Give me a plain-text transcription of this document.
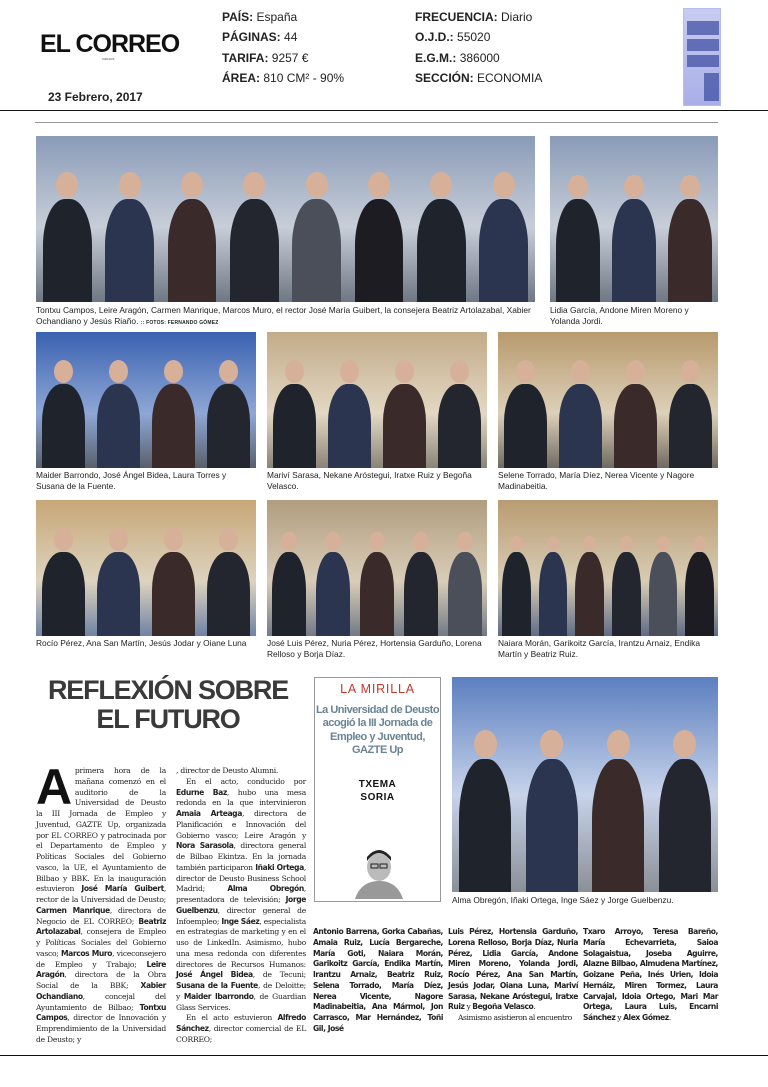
EL CORREO
VIZCAYA
23 Febrero, 2017
PAÍS: España
PÁGINAS: 44
TARIFA: 9257 €
ÁREA: 810 CM² - 90%
FRECUENCIA: Diario
O.J.D.: 55020
E.G.M.: 386000
SECCIÓN: ECONOMIA
Tontxu Campos, Leire Aragón, Carmen Manrique, Marcos Muro, el rector José María Guibert, la consejera Beatriz Artolazabal, Xabier Ochandiano y Jesús Riaño. :: FOTOS: FERNANDO GÓMEZ
Lidia García, Andone Miren Moreno y Yolanda Jordi.
Maider Barrondo, José Ángel Bidea, Laura Torres y Susana de la Fuente.
Mariví Sarasa, Nekane Aróstegui, Iratxe Ruiz y Begoña Velasco.
Selene Torrado, María Díez, Nerea Vicente y Nagore Madinabeitia.
Rocío Pérez, Ana San Martín, Jesús Jodar y Oiane Luna	José Luis Pérez, Nuria Pérez, Hortensia Garduño, Lorena Relloso y Borja Díaz.
Naiara Morán, Garikoitz García, Irantzu Arnaiz, Endika Martín y Beatriz Ruiz.
Alma Obregón, Iñaki Ortega, Inge Sáez y Jorge Guelbenzu.
REFLEXIÓN SOBRE
EL FUTURO
A primera hora de la mañana comenzó en el auditorio de la Universidad de Deusto la III Jornada de Empleo y Juventud, GAZTE Up, organizada por EL CORREO y patrocinada por el Departamento de Empleo y Políticas Sociales del Gobierno vasco, la UE, el Ayuntamiento de Bilbao y BBK. En la inauguración estuvieron José María Guibert, rector de la Universidad de Deusto; Carmen Manrique, directora de Negocio de EL CORREO; Beatriz Artolazabal, consejera de Empleo y Políticas Sociales del Gobierno vasco; Marcos Muro, viceconsejero de Empleo y Trabajo; Leire Aragón, directora de la Obra Social de la BBK; Xabier Ochandiano, concejal del Ayuntamiento de Bilbao; Tontxu Campos, director de Innovación y Emprendimiento de la Universidad de Deusto; y
, director de Deusto Alumni.
En el acto, conducido por Edurne Baz, hubo una mesa redonda en la que intervinieron Amaia Arteaga, directora de Planificación e Innovación del Gobierno vasco; Leire Aragón y Nora Sarasola, directora general de Bilbao Ekintza. En la jornada también participaron Iñaki Ortega, director de Deusto Business School Madrid; Alma Obregón, presentadora de televisión; Jorge Guelbenzu, director general de Infoempleo; Inge Sáez, especialista en estrategias de marketing y en el uso de LinkedIn. Asimismo, hubo una mesa redonda con diferentes directores de Recursos Humanos: José Ángel Bidea, de Tecuni; Susana de la Fuente, de Deloitte; y Maider Ibarrondo, de Guardian Glass Services.
En el acto estuvieron Alfredo Sánchez, director comercial de EL CORREO;
Antonio Barrena, Gorka Cabañas, Amaia Ruiz, Lucía Bergareche, María Goti, Naiara Morán, Garikoitz García, Endika Martín, Irantzu Arnaiz, Beatriz Ruiz, Selena Torrado, María Díez, Nerea Vicente, Nagore Madinabeitia, Ana Mármol, Jon Carrasco, Mar Hernández, Toñi Gil, José
Luis Pérez, Hortensia Garduño, Lorena Relloso, Borja Díaz, Nuria Pérez, Lidia García, Andone Miren Moreno, Yolanda Jordi, Rocío Pérez, Ana San Martín, Jesús Jodar, Oiana Luna, Mariví Sarasa, Nekane Aróstegui, Iratxe Ruiz y Begoña Velasco.
Asimismo asistieron al encuentro
Txaro Arroyo, Teresa Bareño, María Echevarrieta, Saioa Solagaistua, Joseba Aguirre, Alazne Bilbao, Almudena Martínez, Goizane Peña, Inés Urien, Idoia Hernáiz, Miren Tormez, Laura Carvajal, Idoia Ortego, Mari Mar Ortega, Laura Luis, Encarni Sánchez y Alex Gómez.
LA MIRILLA
La Universidad de Deusto acogió la III Jornada de Empleo y Juventud, GAZTE Up
TXEMA
SORIA
